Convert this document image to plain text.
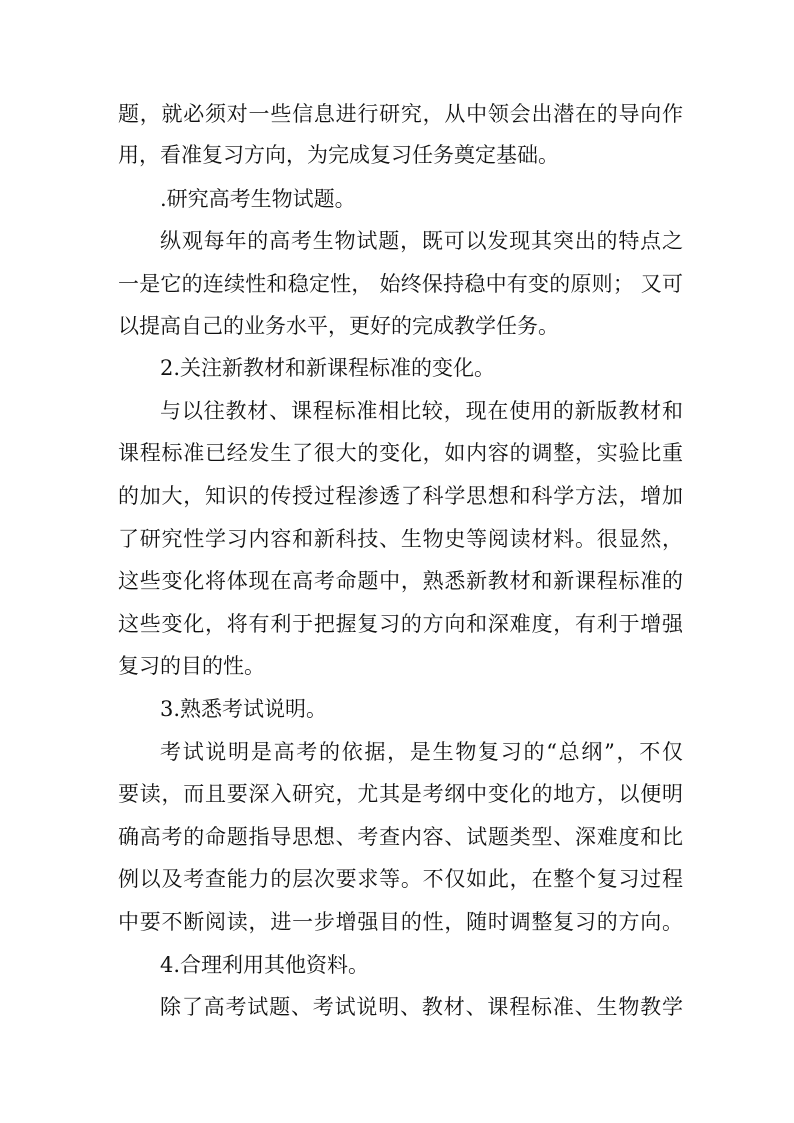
题，就必须对一些信息进行研究，从中领会出潜在的导向作
用，看准复习方向，为完成复习任务奠定基础。
.研究高考生物试题。
纵观每年的高考生物试题，既可以发现其突出的特点之
一是它的连续性和稳定性， 始终保持稳中有变的原则； 又可
以提高自己的业务水平，更好的完成教学任务。
2.关注新教材和新课程标准的变化。
与以往教材、课程标准相比较，现在使用的新版教材和
课程标准已经发生了很大的变化，如内容的调整，实验比重
的加大，知识的传授过程渗透了科学思想和科学方法，增加
了研究性学习内容和新科技、生物史等阅读材料。很显然，
这些变化将体现在高考命题中，熟悉新教材和新课程标准的
这些变化，将有利于把握复习的方向和深难度，有利于增强
复习的目的性。
3.熟悉考试说明。
考试说明是高考的依据，是生物复习的“总纲”，不仅
要读，而且要深入研究，尤其是考纲中变化的地方，以便明
确高考的命题指导思想、考查内容、试题类型、深难度和比
例以及考查能力的层次要求等。不仅如此，在整个复习过程
中要不断阅读，进一步增强目的性，随时调整复习的方向。
4.合理利用其他资料。
除了高考试题、考试说明、教材、课程标准、生物教学
